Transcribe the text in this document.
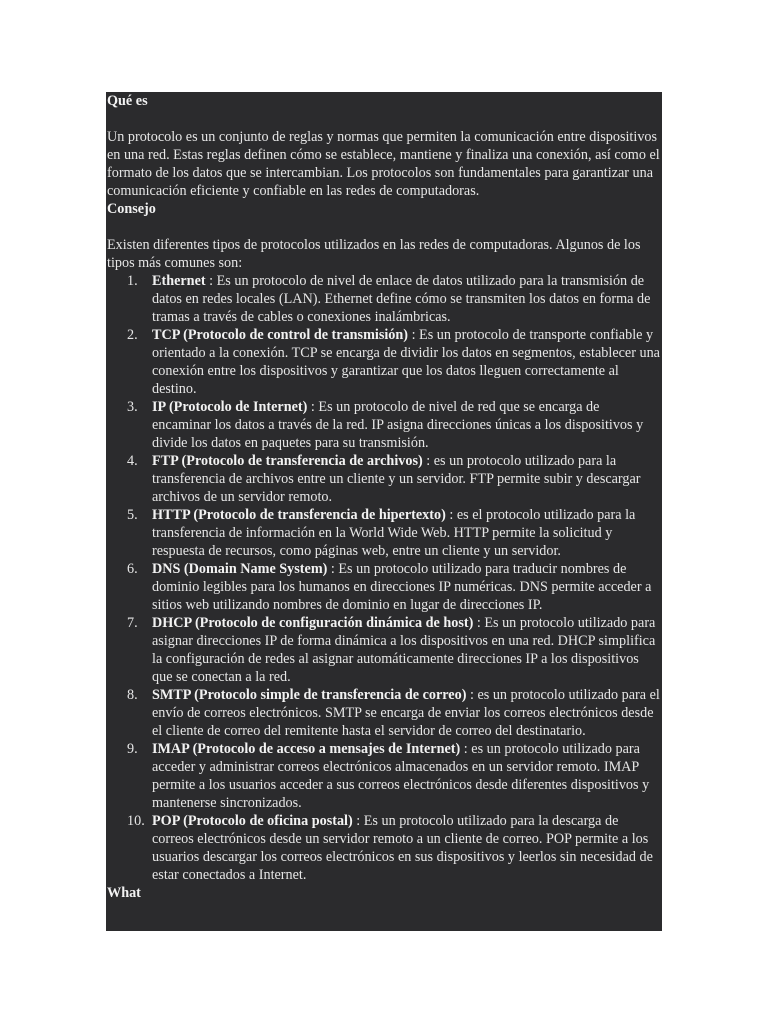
Qué es

Un protocolo es un conjunto de reglas y normas que permiten la comunicación entre dispositivos en una red. Estas reglas definen cómo se establece, mantiene y finaliza una conexión, así como el formato de los datos que se intercambian. Los protocolos son fundamentales para garantizar una comunicación eficiente y confiable en las redes de computadoras.

Consejo

Existen diferentes tipos de protocolos utilizados en las redes de computadoras. Algunos de los tipos más comunes son:

1.	Ethernet : Es un protocolo de nivel de enlace de datos utilizado para la transmisión de datos en redes locales (LAN). Ethernet define cómo se transmiten los datos en forma de tramas a través de cables o conexiones inalámbricas.
2.	TCP (Protocolo de control de transmisión) : Es un protocolo de transporte confiable y orientado a la conexión. TCP se encarga de dividir los datos en segmentos, establecer una conexión entre los dispositivos y garantizar que los datos lleguen correctamente al destino.
3.	IP (Protocolo de Internet) : Es un protocolo de nivel de red que se encarga de encaminar los datos a través de la red. IP asigna direcciones únicas a los dispositivos y divide los datos en paquetes para su transmisión.
4.	FTP (Protocolo de transferencia de archivos) : es un protocolo utilizado para la transferencia de archivos entre un cliente y un servidor. FTP permite subir y descargar archivos de un servidor remoto.
5.	HTTP (Protocolo de transferencia de hipertexto) : es el protocolo utilizado para la transferencia de información en la World Wide Web. HTTP permite la solicitud y respuesta de recursos, como páginas web, entre un cliente y un servidor.
6.	DNS (Domain Name System) : Es un protocolo utilizado para traducir nombres de dominio legibles para los humanos en direcciones IP numéricas. DNS permite acceder a sitios web utilizando nombres de dominio en lugar de direcciones IP.
7.	DHCP (Protocolo de configuración dinámica de host) : Es un protocolo utilizado para asignar direcciones IP de forma dinámica a los dispositivos en una red. DHCP simplifica la configuración de redes al asignar automáticamente direcciones IP a los dispositivos que se conectan a la red.
8.	SMTP (Protocolo simple de transferencia de correo) : es un protocolo utilizado para el envío de correos electrónicos. SMTP se encarga de enviar los correos electrónicos desde el cliente de correo del remitente hasta el servidor de correo del destinatario.
9.	IMAP (Protocolo de acceso a mensajes de Internet) : es un protocolo utilizado para acceder y administrar correos electrónicos almacenados en un servidor remoto. IMAP permite a los usuarios acceder a sus correos electrónicos desde diferentes dispositivos y mantenerse sincronizados.
10. POP (Protocolo de oficina postal) : Es un protocolo utilizado para la descarga de correos electrónicos desde un servidor remoto a un cliente de correo. POP permite a los usuarios descargar los correos electrónicos en sus dispositivos y leerlos sin necesidad de estar conectados a Internet.
What
